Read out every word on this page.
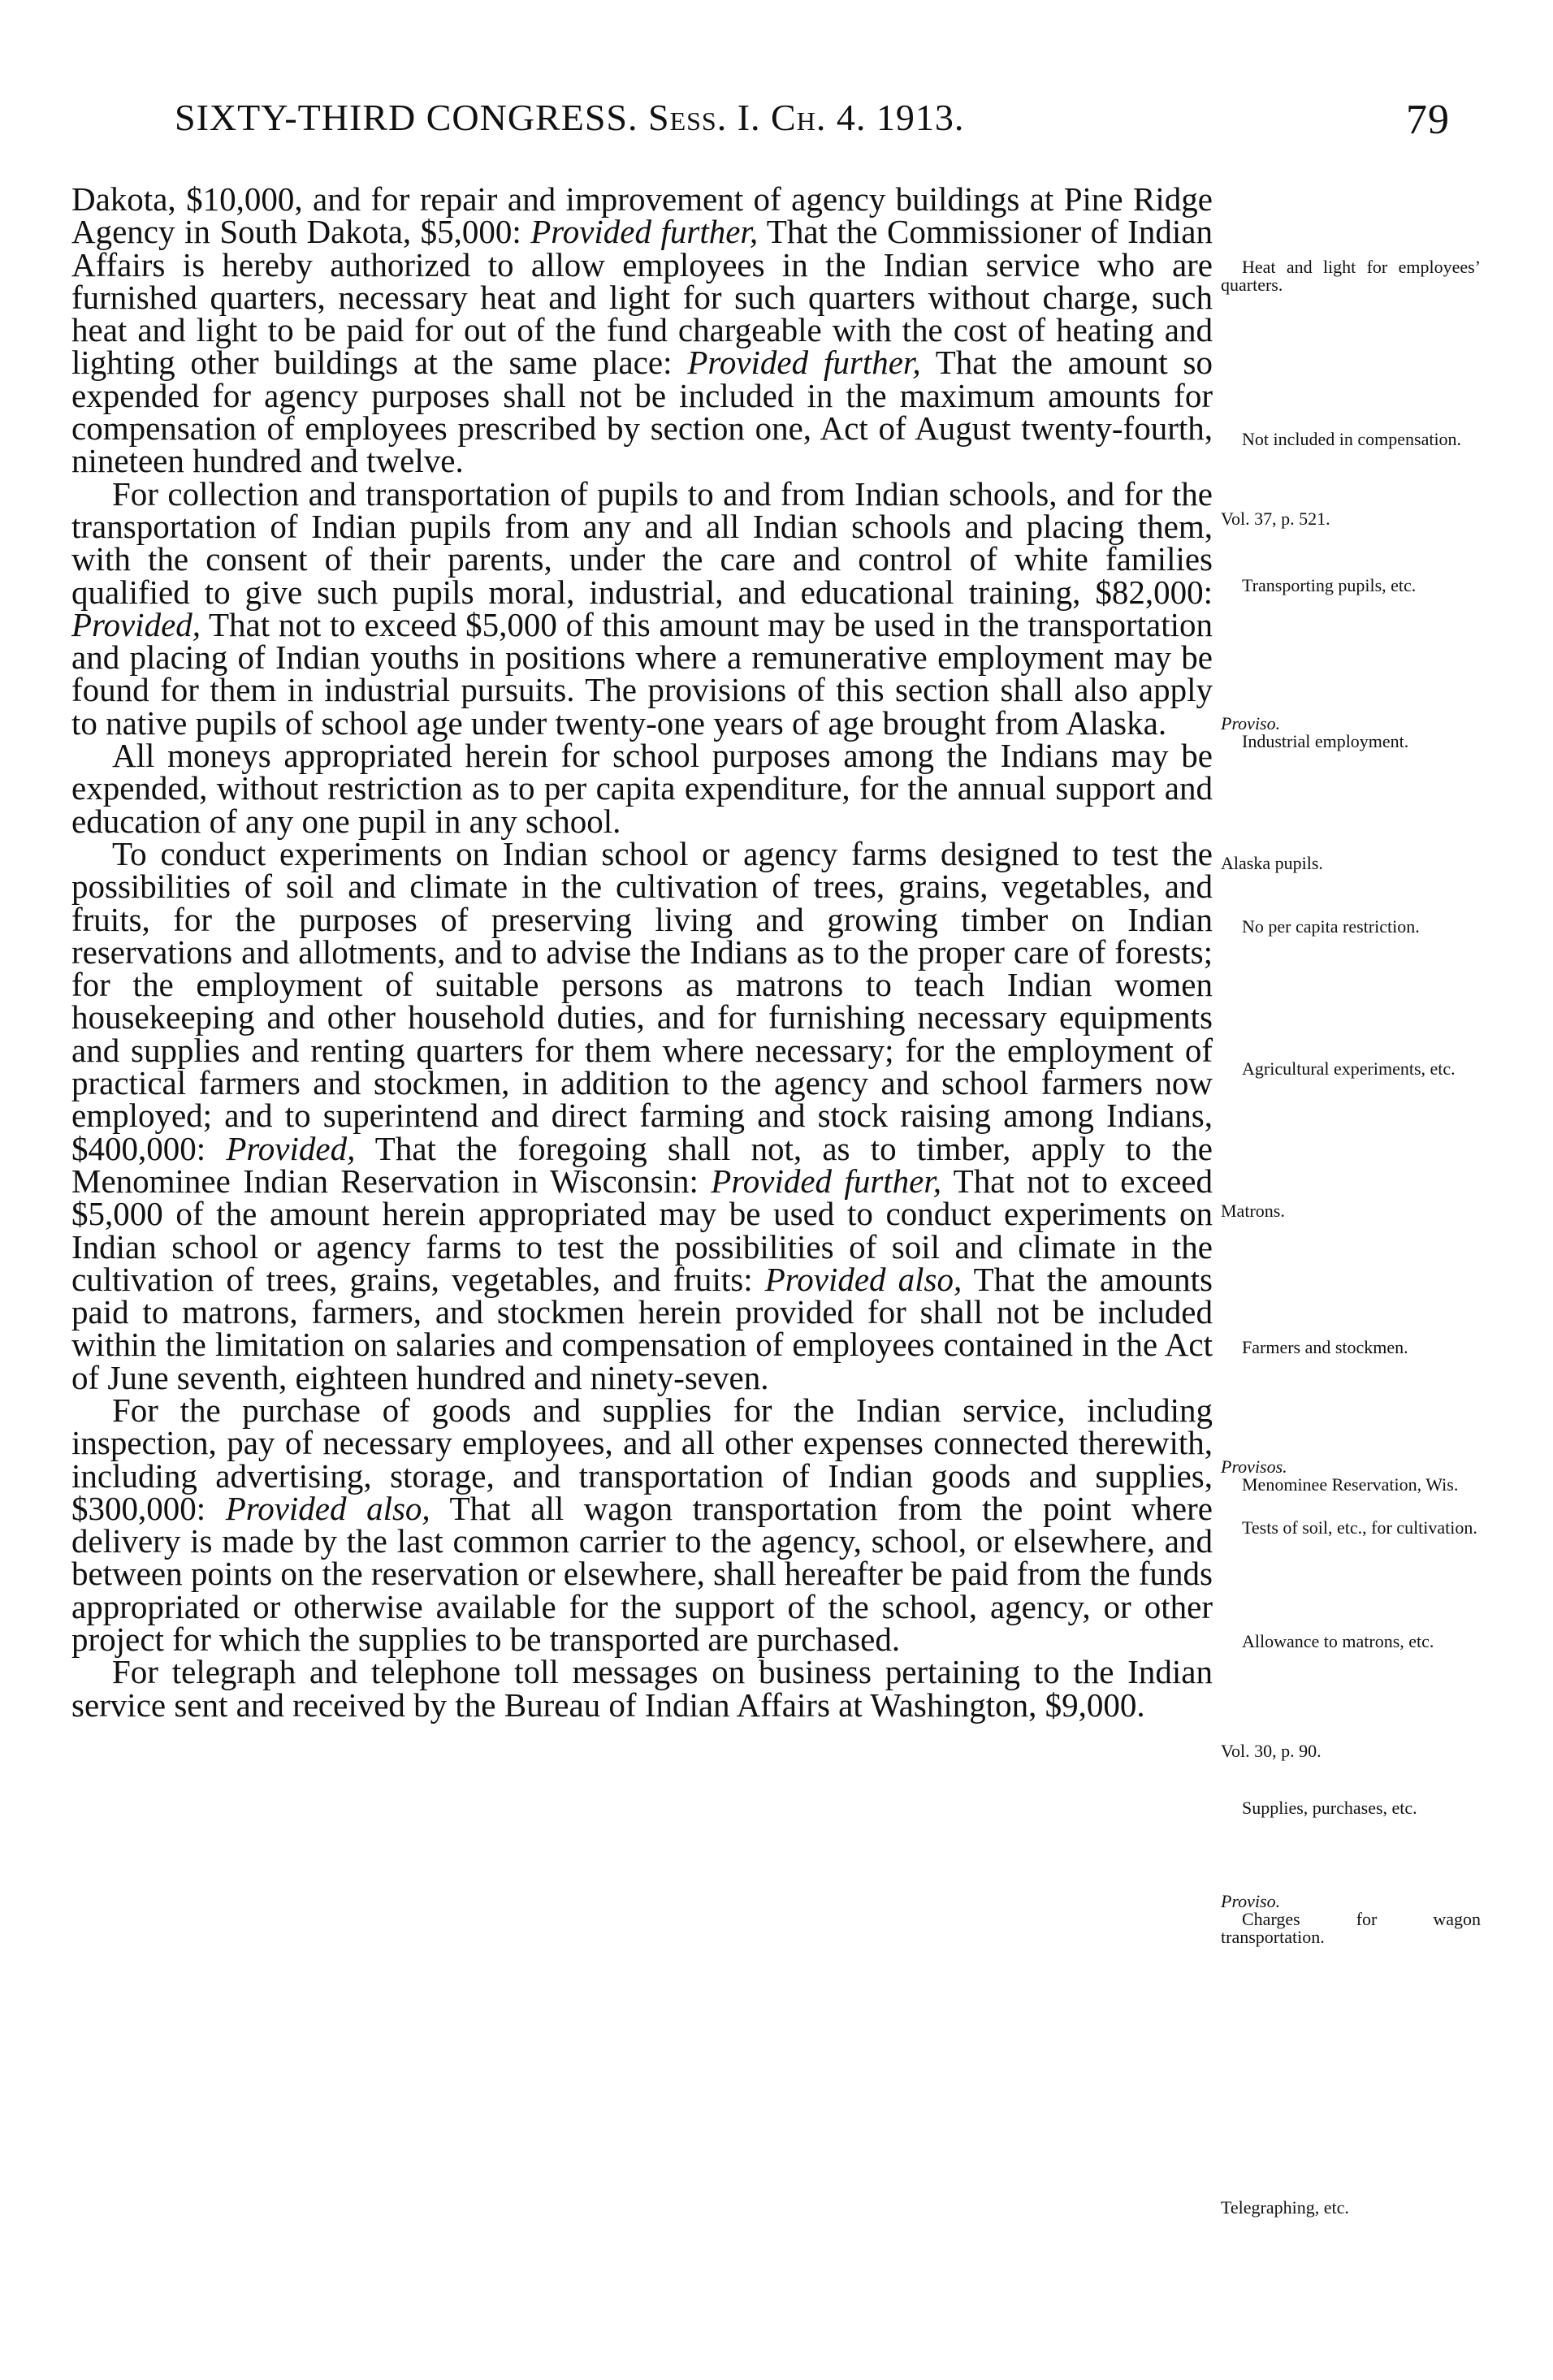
SIXTY-THIRD CONGRESS. Sess. I. Ch. 4. 1913.	79

Dakota, $10,000, and for repair and improvement of agency buildings at Pine Ridge Agency in South Dakota, $5,000: Provided further, That the Commissioner of Indian Affairs is hereby authorized to allow employees in the Indian service who are furnished quarters, necessary heat and light for such quarters without charge, such heat and light to be paid for out of the fund chargeable with the cost of heating and lighting other buildings at the same place: Provided further, That the amount so expended for agency purposes shall not be included in the maximum amounts for compensation of employees prescribed by section one, Act of August twenty-fourth, nineteen hundred and twelve.

For collection and transportation of pupils to and from Indian schools, and for the transportation of Indian pupils from any and all Indian schools and placing them, with the consent of their parents, under the care and control of white families qualified to give such pupils moral, industrial, and educational training, $82,000: Provided, That not to exceed $5,000 of this amount may be used in the transportation and placing of Indian youths in positions where a remunerative employment may be found for them in industrial pursuits. The provisions of this section shall also apply to native pupils of school age under twenty-one years of age brought from Alaska.

All moneys appropriated herein for school purposes among the Indians may be expended, without restriction as to per capita expenditure, for the annual support and education of any one pupil in any school.

To conduct experiments on Indian school or agency farms designed to test the possibilities of soil and climate in the cultivation of trees, grains, vegetables, and fruits, for the purposes of preserving living and growing timber on Indian reservations and allotments, and to advise the Indians as to the proper care of forests; for the employment of suitable persons as matrons to teach Indian women housekeeping and other household duties, and for furnishing necessary equipments and supplies and renting quarters for them where necessary; for the employment of practical farmers and stockmen, in addition to the agency and school farmers now employed; and to superintend and direct farming and stock raising among Indians, $400,000: Provided, That the foregoing shall not, as to timber, apply to the Menominee Indian Reservation in Wisconsin: Provided further, That not to exceed $5,000 of the amount herein appropriated may be used to conduct experiments on Indian school or agency farms to test the possibilities of soil and climate in the cultivation of trees, grains, vegetables, and fruits: Provided also, That the amounts paid to matrons, farmers, and stockmen herein provided for shall not be included within the limitation on salaries and compensation of employees contained in the Act of June seventh, eighteen hundred and ninety-seven.

For the purchase of goods and supplies for the Indian service, including inspection, pay of necessary employees, and all other expenses connected therewith, including advertising, storage, and transportation of Indian goods and supplies, $300,000: Provided also, That all wagon transportation from the point where delivery is made by the last common carrier to the agency, school, or elsewhere, and between points on the reservation or elsewhere, shall hereafter be paid from the funds appropriated or otherwise available for the support of the school, agency, or other project for which the supplies to be transported are purchased.

For telegraph and telephone toll messages on business pertaining to the Indian service sent and received by the Bureau of Indian Affairs at Washington, $9,000.

Heat and light for employees’ quarters.
Not included in compensation.
Vol. 37, p. 521.
Transporting pupils, etc.
Proviso.
Industrial employment.
Alaska pupils.
No per capita restriction.
Agricultural experiments, etc.
Matrons.
Farmers and stockmen.
Provisos.
Menominee Reservation, Wis.
Tests of soil, etc., for cultivation.
Allowance to matrons, etc.
Vol. 30, p. 90.
Supplies, purchases, etc.
Proviso.
Charges for wagon transportation.
Telegraphing, etc.
